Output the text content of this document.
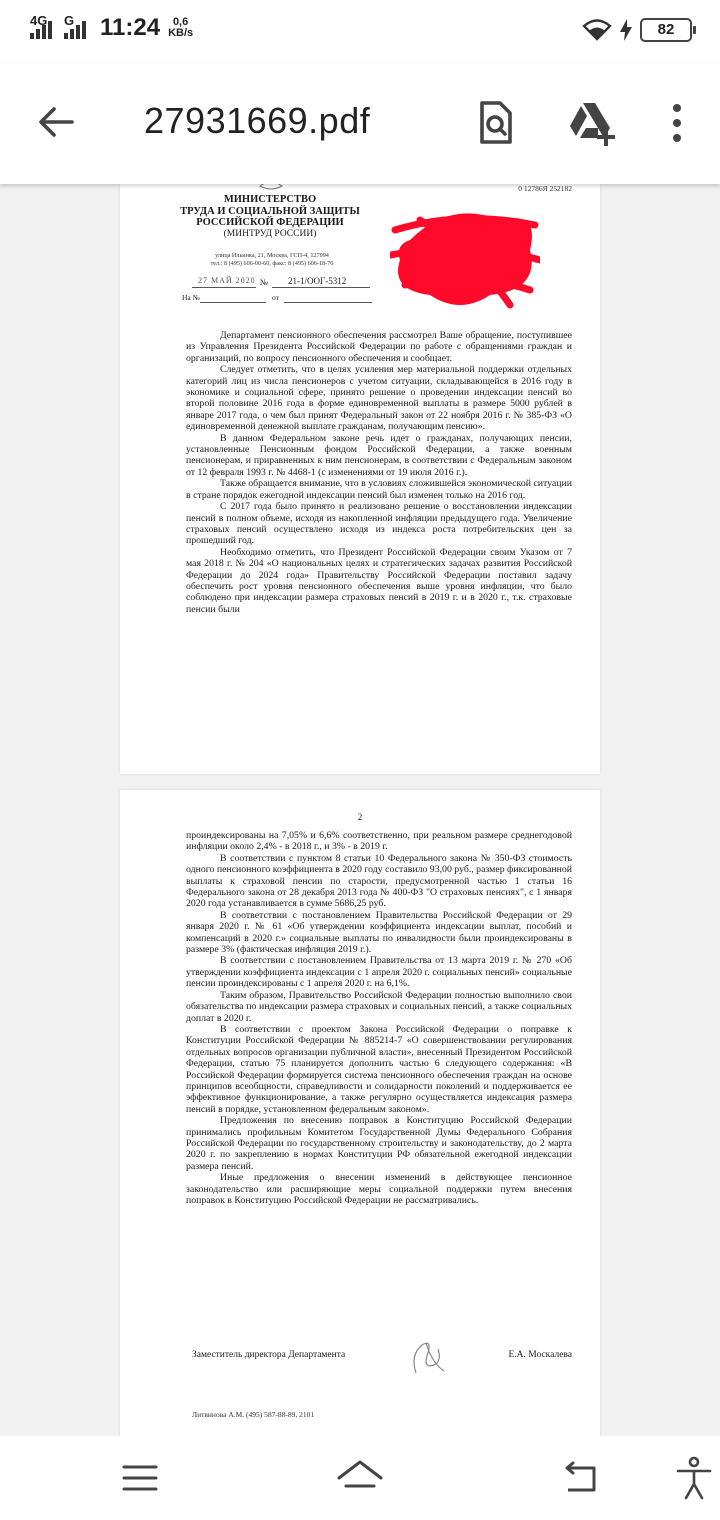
4G G 11:24	0,6
KB/s	82
27931669.pdf
0 12786Я 252182
МИНИСТЕРСТВО
ТРУДА И СОЦИАЛЬНОЙ ЗАЩИТЫ
РОССИЙСКОЙ ФЕДЕРАЦИИ
(МИНТРУД РОССИИ)
улица Ильинка, 21, Москва, ГСП-4, 127994
тел.: 8 (495) 606-00-60, факс: 8 (495) 606-18-76
27 МАЙ 2020 № 21-1/ООГ-5312
На №	от

Департамент пенсионного обеспечения рассмотрел Ваше обращение, поступившее из Управления Президента Российской Федерации по работе с обращениями граждан и организаций, по вопросу пенсионного обеспечения и сообщает.

Следует отметить, что в целях усиления мер материальной поддержки отдельных категорий лиц из числа пенсионеров с учетом ситуации, складывающейся в 2016 году в экономике и социальной сфере, принято решение о проведении индексации пенсий во второй половине 2016 года в форме единовременной выплаты в размере 5000 рублей в январе 2017 года, о чем был принят Федеральный закон от 22 ноября 2016 г. № 385-ФЗ «О единовременной денежной выплате гражданам, получающим пенсию».

В данном Федеральном законе речь идет о гражданах, получающих пенсии, установленные Пенсионным фондом Российской Федерации, а также военным пенсионерам, и приравненных к ним пенсионерам, в соответствии с Федеральным законом от 12 февраля 1993 г. № 4468-1 (с изменениями от 19 июля 2016 г.).

Также обращается внимание, что в условиях сложившейся экономической ситуации в стране порядок ежегодной индексации пенсий был изменен только на 2016 год.

С 2017 года было принято и реализовано решение о восстановлении индексации пенсий в полном объеме, исходя из накопленной инфляции предыдущего года. Увеличение страховых пенсий осуществлено исходя из индекса роста потребительских цен за прошедший год.

Необходимо отметить, что Президент Российской Федерации своим Указом от 7 мая 2018 г. № 204 «О национальных целях и стратегических задачах развития Российской Федерации до 2024 года» Правительству Российской Федерации поставил задачу обеспечить рост уровня пенсионного обеспечения выше уровня инфляции, что было соблюдено при индексации размера страховых пенсий в 2019 г. и в 2020 г., т.к. страховые пенсии были

2

проиндексированы на 7,05% и 6,6% соответственно, при реальном размере среднегодовой инфляции около 2,4% - в 2018 г., и 3% - в 2019 г.

В соответствии с пунктом 8 статьи 10 Федерального закона № 350-ФЗ стоимость одного пенсионного коэффициента в 2020 году составило 93,00 руб., размер фиксированной выплаты к страховой пенсии по старости, предусмотренной частью 1 статьи 16 Федерального закона от 28 декабря 2013 года № 400-ФЗ "О страховых пенсиях", с 1 января 2020 года устанавливается в сумме 5686,25 руб.

В соответствии с постановлением Правительства Российской Федерации от 29 января 2020 г. № 61 «Об утверждении коэффициента индексации выплат, пособий и компенсаций в 2020 г.» социальные выплаты по инвалидности были проиндексированы в размере 3% (фактическая инфляция 2019 г.).

В соответствии с постановлением Правительства от 13 марта 2019 г. № 270 «Об утверждении коэффициента индексации с 1 апреля 2020 г. социальных пенсий» социальные пенсии проиндексированы с 1 апреля 2020 г. на 6,1%.

Таким образом, Правительство Российской Федерации полностью выполнило свои обязательства по индексации размера страховых и социальных пенсий, а также социальных доплат в 2020 г.

В соответствии с проектом Закона Российской Федерации о поправке к Конституции Российской Федерации № 885214-7 «О совершенствовании регулирования отдельных вопросов организации публичной власти», внесенный Президентом Российской Федерации, статью 75 планируется дополнить частью 6 следующего содержания: «В Российской Федерации формируется система пенсионного обеспечения граждан на основе принципов всеобщности, справедливости и солидарности поколений и поддерживается ее эффективное функционирование, а также регулярно осуществляется индексация размера пенсий в порядке, установленном федеральным законом».

Предложения по внесению поправок в Конституцию Российской Федерации принимались профильным Комитетом Государственной Думы Федерального Собрания Российской Федерации по государственному строительству и законодательству, до 2 марта 2020 г. по закреплению в нормах Конституции РФ обязательной ежегодной индексации размера пенсий.

Иные предложения о внесении изменений в действующее пенсионное законодательство или расширяющие меры социальной поддержки путем внесения поправок в Конституцию Российской Федерации не рассматривались.

Заместитель директора Департамента	Е.А. Москалева
Литвинова А.М. (495) 587-88-89, 2101
